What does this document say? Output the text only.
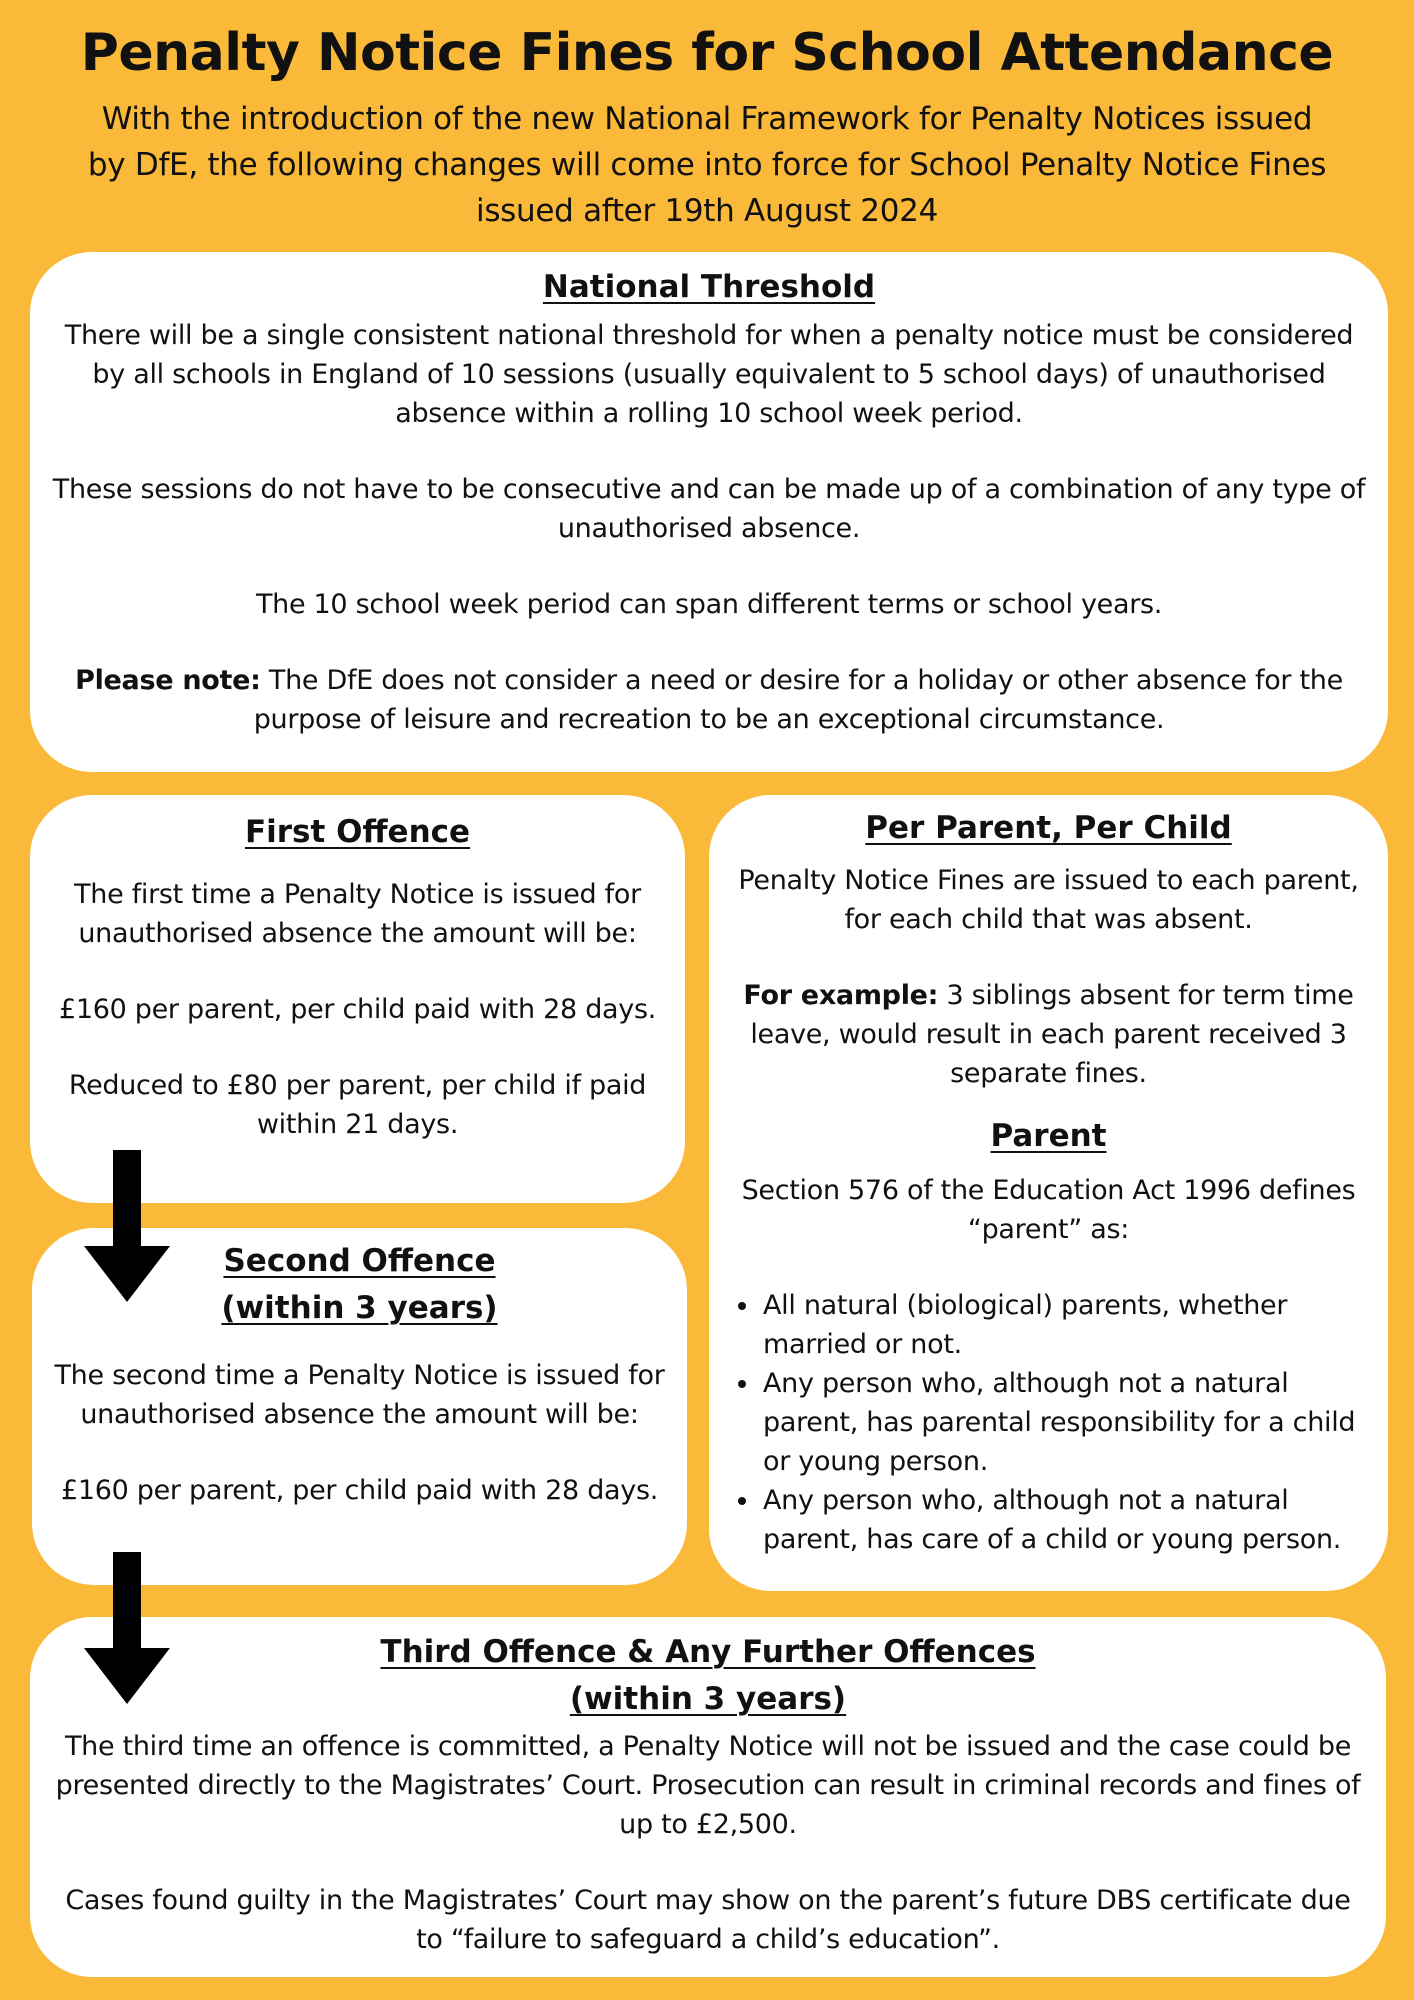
Penalty Notice Fines for School Attendance
With the introduction of the new National Framework for Penalty Notices issued by DfE, the following changes will come into force for School Penalty Notice Fines issued after 19th August 2024
National Threshold

There will be a single consistent national threshold for when a penalty notice must be considered by all schools in England of 10 sessions (usually equivalent to 5 school days) of unauthorised absence within a rolling 10 school week period.

These sessions do not have to be consecutive and can be made up of a combination of any type of unauthorised absence.

The 10 school week period can span different terms or school years.

Please note: The DfE does not consider a need or desire for a holiday or other absence for the purpose of leisure and recreation to be an exceptional circumstance.

First Offence

The first time a Penalty Notice is issued for unauthorised absence the amount will be:

£160 per parent, per child paid with 28 days.

Reduced to £80 per parent, per child if paid within 21 days.

Second Offence
(within 3 years)

The second time a Penalty Notice is issued for unauthorised absence the amount will be:

£160 per parent, per child paid with 28 days.

Per Parent, Per Child

Penalty Notice Fines are issued to each parent, for each child that was absent.

For example: 3 siblings absent for term time leave, would result in each parent received 3 separate fines.

Parent

Section 576 of the Education Act 1996 defines “parent” as:

• All natural (biological) parents, whether married or not.
• Any person who, although not a natural parent, has parental responsibility for a child or young person.
• Any person who, although not a natural parent, has care of a child or young person.
Third Offence & Any Further Offences
(within 3 years)

The third time an offence is committed, a Penalty Notice will not be issued and the case could be presented directly to the Magistrates’ Court. Prosecution can result in criminal records and fines of up to £2,500.

Cases found guilty in the Magistrates’ Court may show on the parent’s future DBS certificate due to “failure to safeguard a child’s education”.
